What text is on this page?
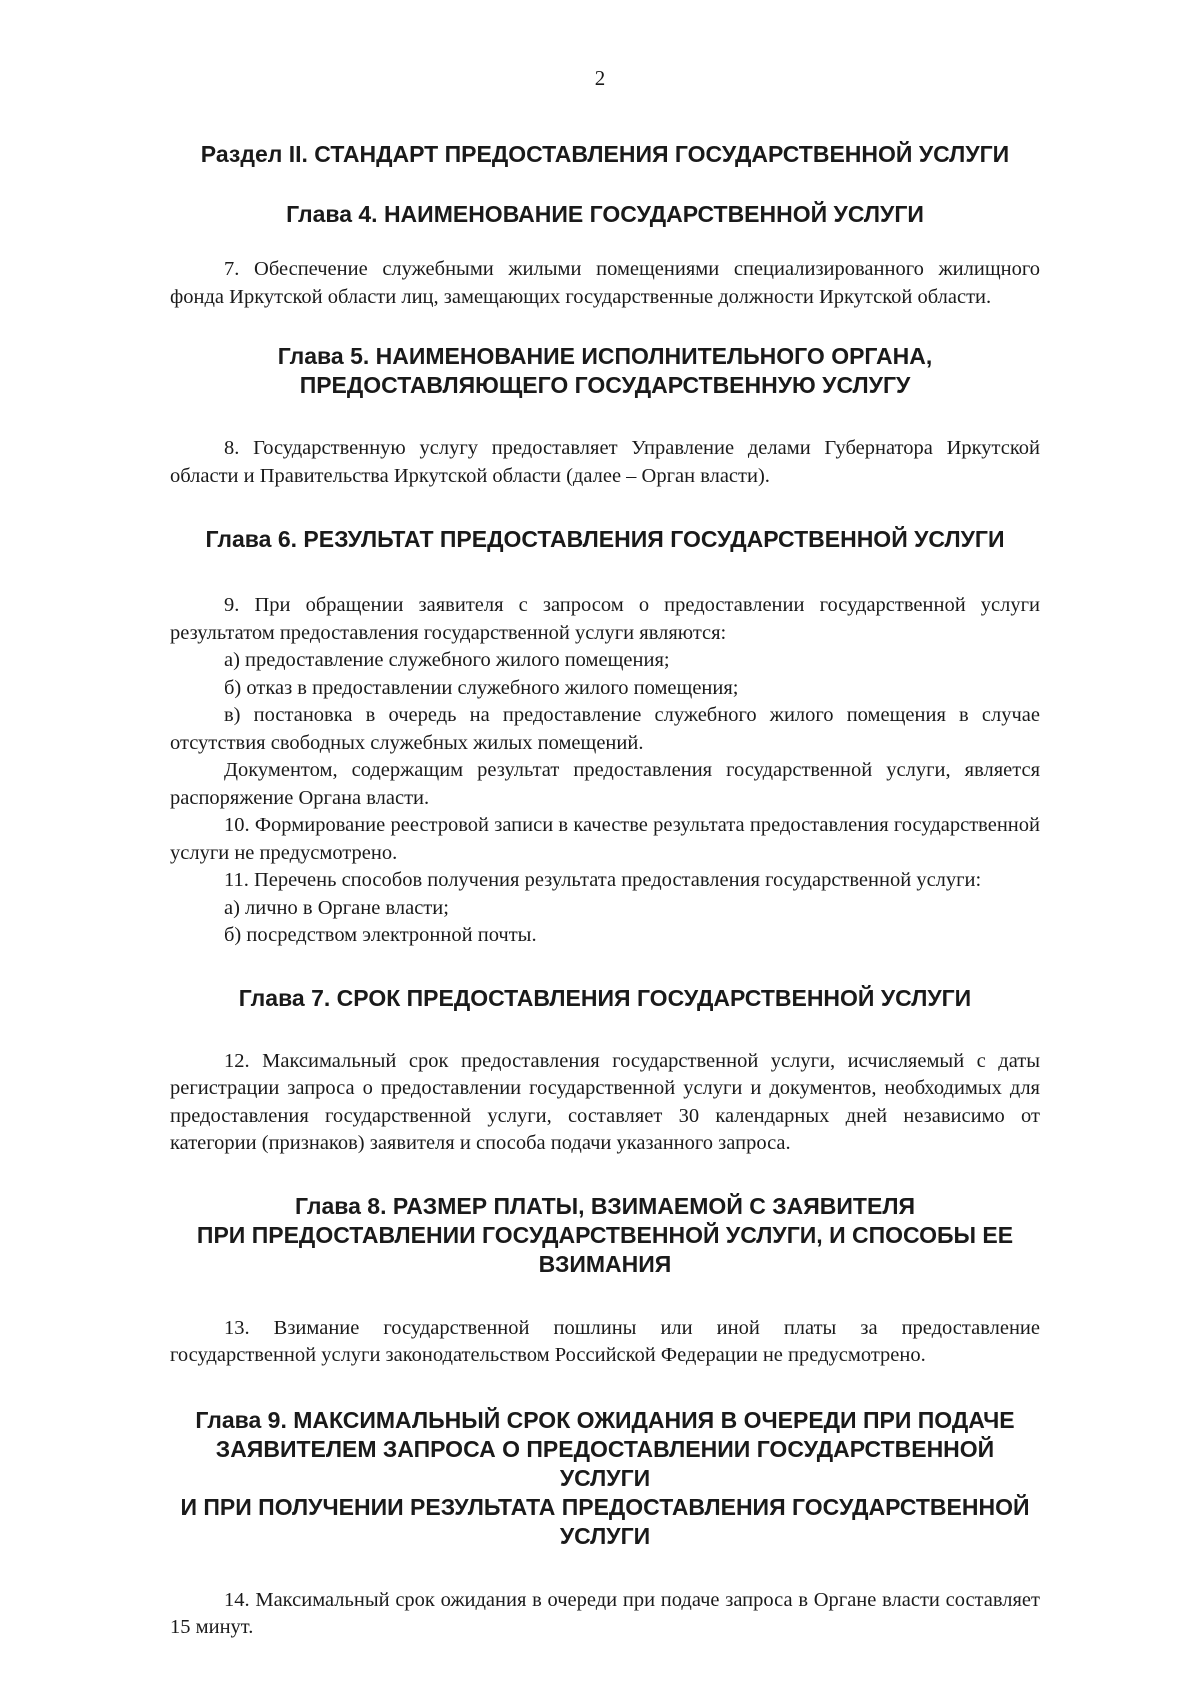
2
Раздел II. СТАНДАРТ ПРЕДОСТАВЛЕНИЯ ГОСУДАРСТВЕННОЙ УСЛУГИ
Глава 4. НАИМЕНОВАНИЕ ГОСУДАРСТВЕННОЙ УСЛУГИ

7. Обеспечение служебными жилыми помещениями специализированного жилищного фонда Иркутской области лиц, замещающих государственные должности Иркутской области.

Глава 5. НАИМЕНОВАНИЕ ИСПОЛНИТЕЛЬНОГО ОРГАНА,
ПРЕДОСТАВЛЯЮЩЕГО ГОСУДАРСТВЕННУЮ УСЛУГУ

8. Государственную услугу предоставляет Управление делами Губернатора Иркутской области и Правительства Иркутской области (далее – Орган власти).

Глава 6. РЕЗУЛЬТАТ ПРЕДОСТАВЛЕНИЯ ГОСУДАРСТВЕННОЙ УСЛУГИ

9. При обращении заявителя с запросом о предоставлении государственной услуги результатом предоставления государственной услуги являются:

а) предоставление служебного жилого помещения;

б) отказ в предоставлении служебного жилого помещения;

в) постановка в очередь на предоставление служебного жилого помещения в случае отсутствия свободных служебных жилых помещений.

Документом, содержащим результат предоставления государственной услуги, является распоряжение Органа власти.

10. Формирование реестровой записи в качестве результата предоставления государственной услуги не предусмотрено.

11. Перечень способов получения результата предоставления государственной услуги:

а) лично в Органе власти;

б) посредством электронной почты.

Глава 7. СРОК ПРЕДОСТАВЛЕНИЯ ГОСУДАРСТВЕННОЙ УСЛУГИ

12. Максимальный срок предоставления государственной услуги, исчисляемый с даты регистрации запроса о предоставлении государственной услуги и документов, необходимых для предоставления государственной услуги, составляет 30 календарных дней независимо от категории (признаков) заявителя и способа подачи указанного запроса.

Глава 8. РАЗМЕР ПЛАТЫ, ВЗИМАЕМОЙ С ЗАЯВИТЕЛЯ
ПРИ ПРЕДОСТАВЛЕНИИ ГОСУДАРСТВЕННОЙ УСЛУГИ, И СПОСОБЫ ЕЕ
ВЗИМАНИЯ

13. Взимание государственной пошлины или иной платы за предоставление государственной услуги законодательством Российской Федерации не предусмотрено.

Глава 9. МАКСИМАЛЬНЫЙ СРОК ОЖИДАНИЯ В ОЧЕРЕДИ ПРИ ПОДАЧЕ
ЗАЯВИТЕЛЕМ ЗАПРОСА О ПРЕДОСТАВЛЕНИИ ГОСУДАРСТВЕННОЙ УСЛУГИ
И ПРИ ПОЛУЧЕНИИ РЕЗУЛЬТАТА ПРЕДОСТАВЛЕНИЯ ГОСУДАРСТВЕННОЙ
УСЛУГИ

14. Максимальный срок ожидания в очереди при подаче запроса в Органе власти составляет 15 минут.
